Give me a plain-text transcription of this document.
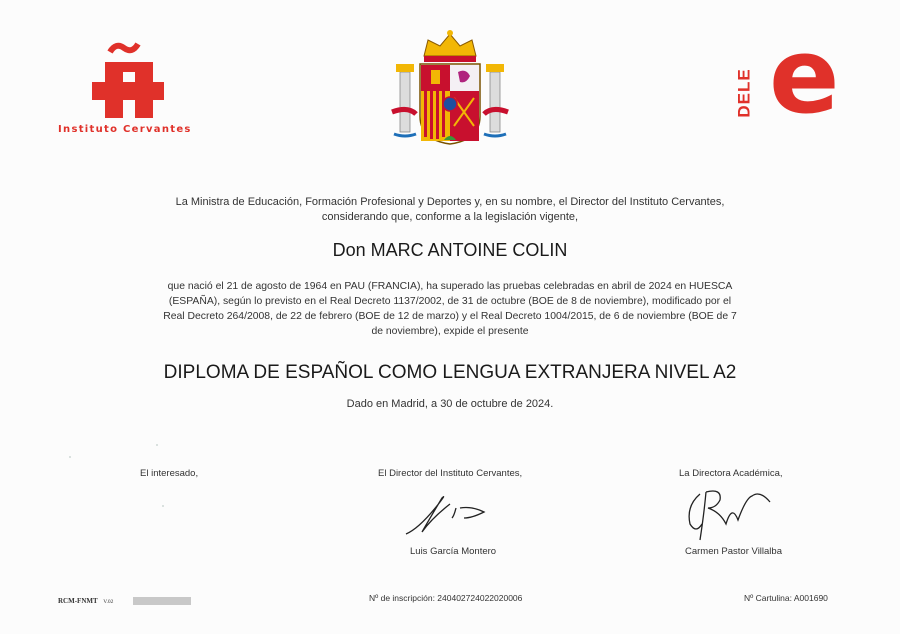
Instituto Cervantes
DELE e
La Ministra de Educación, Formación Profesional y Deportes y, en su nombre, el Director del Instituto Cervantes, considerando que, conforme a la legislación vigente,
Don MARC ANTOINE COLIN
que nació el 21 de agosto de 1964 en PAU (FRANCIA), ha superado las pruebas celebradas en abril de 2024 en HUESCA (ESPAÑA), según lo previsto en el Real Decreto 1137/2002, de 31 de octubre (BOE de 8 de noviembre), modificado por el Real Decreto 264/2008, de 22 de febrero (BOE de 12 de marzo) y el Real Decreto 1004/2015, de 6 de noviembre (BOE de 7 de noviembre), expide el presente
DIPLOMA DE ESPAÑOL COMO LENGUA EXTRANJERA NIVEL A2
Dado en Madrid, a 30 de octubre de 2024.
El interesado,	El Director del Instituto Cervantes,
Luis García Montero
La Directora Académica,
Carmen Pastor Villalba
RCM-FNMT V.02	Nº de inscripción: 240402724022020006	Nº Cartulina: A001690
